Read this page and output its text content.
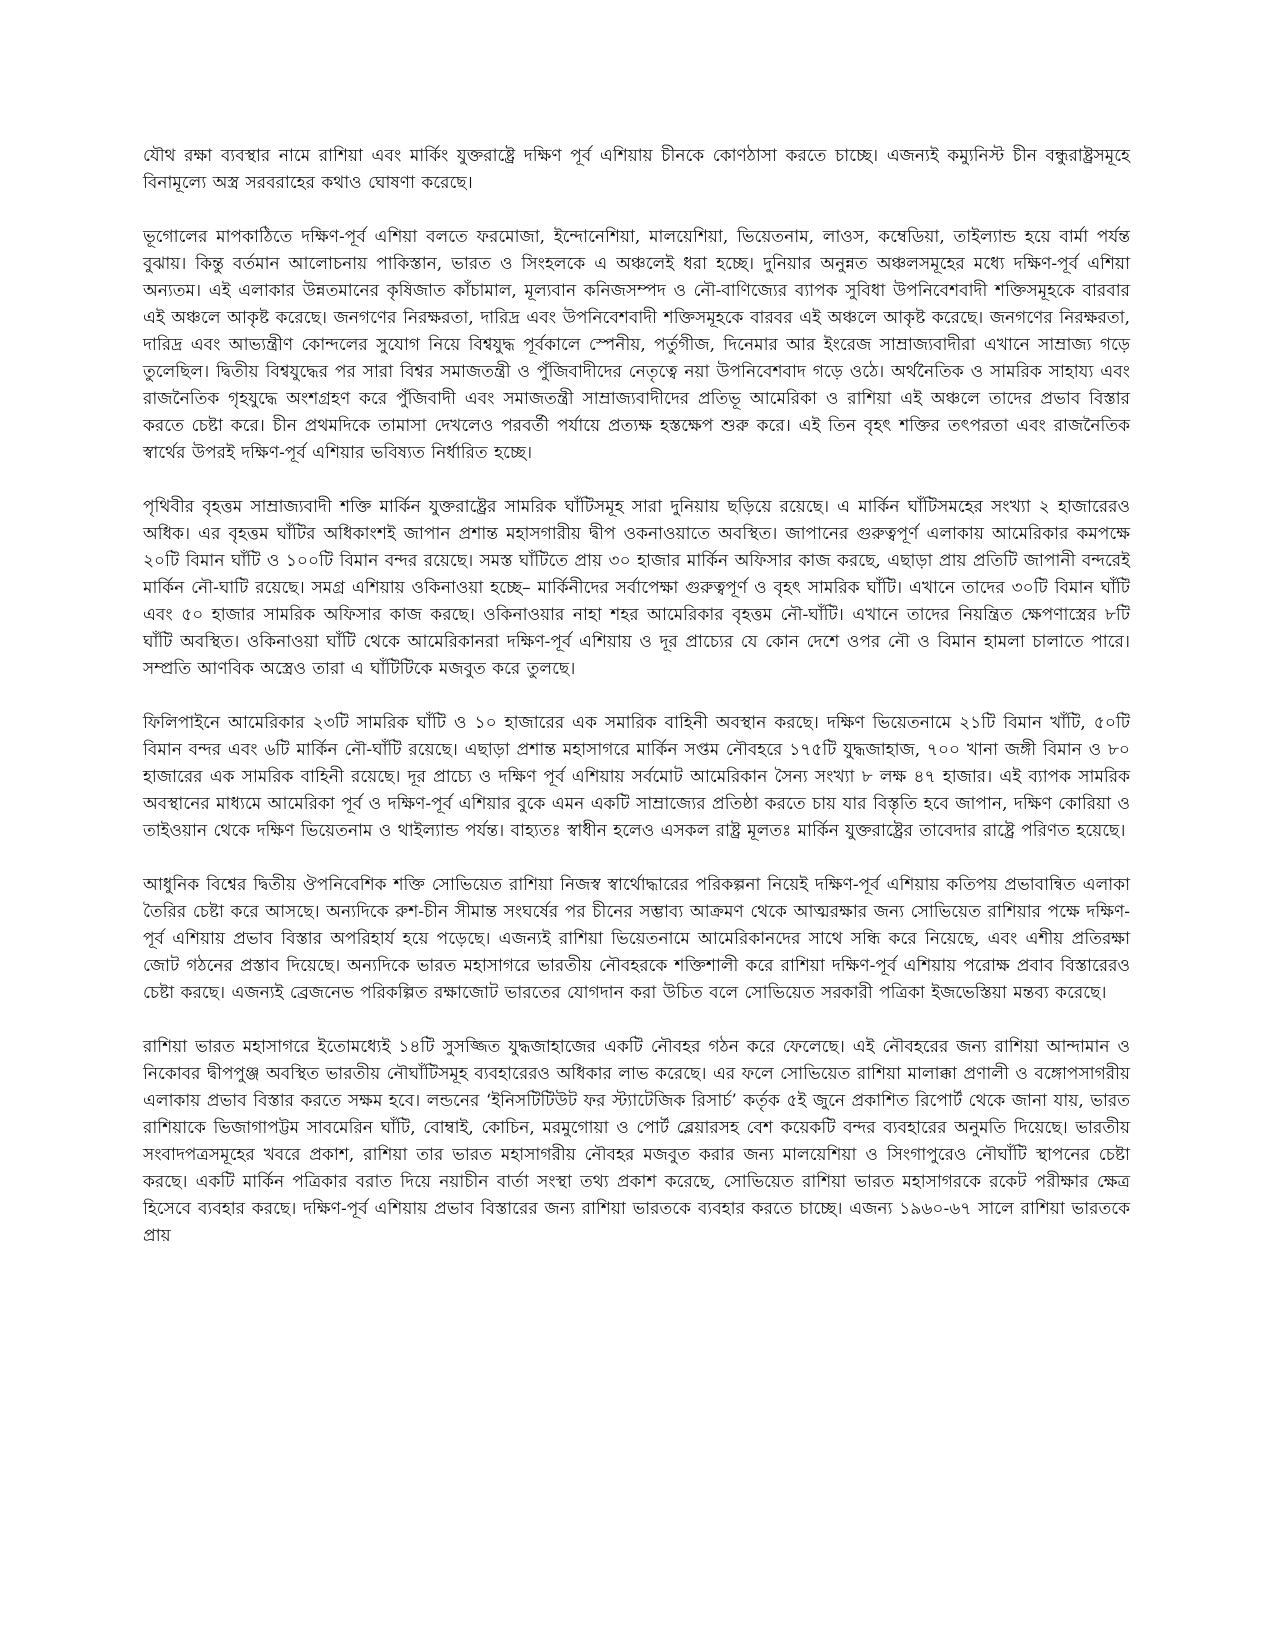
যৌথ রক্ষা ব্যবস্থার নামে রাশিয়া এবং মার্কিং যুক্তরাষ্ট্রে দক্ষিণ পূর্ব এশিয়ায় চীনকে কোণঠাসা করতে চাচ্ছে। এজন্যই কম্যুনিস্ট চীন বন্ধুরাষ্ট্রসমূহে বিনামূল্যে অস্ত্র সরবরাহের কথাও ঘোষণা করেছে।

ভূগোলের মাপকাঠিতে দক্ষিণ-পূর্ব এশিয়া বলতে ফরমোজা, ইন্দোনেশিয়া, মালয়েশিয়া, ভিয়েতনাম, লাওস, কম্বেডিয়া, তাইল্যান্ড হয়ে বার্মা পর্যন্ত বুঝায়। কিন্তু বর্তমান আলোচনায় পাকিস্তান, ভারত ও সিংহলকে এ অঞ্চলেই ধরা হচ্ছে। দুনিয়ার অনুন্নত অঞ্চলসমূহের মধ্যে দক্ষিণ-পূর্ব এশিয়া অন্যতম। এই এলাকার উন্নতমানের কৃষিজাত কাঁচামাল, মূল্যবান কনিজসম্পদ ও নৌ-বাণিজ্যের ব্যাপক সুবিধা উপনিবেশবাদী শক্তিসমূহকে বারবার এই অঞ্চলে আকৃষ্ট করেছে। জনগণের নিরক্ষরতা, দারিদ্র এবং উপনিবেশবাদী শক্তিসমূহকে বারবর এই অঞ্চলে আকৃষ্ট করেছে। জনগণের নিরক্ষরতা, দারিদ্র এবং আভ্যন্ত্রীণ কোন্দলের সুযোগ নিয়ে বিশ্বযুদ্ধ পূর্বকালে স্পেনীয়, পর্তুগীজ, দিনেমার আর ইংরেজ সাম্রাজ্যবাদীরা এখানে সাম্রাজ্য গড়ে তুলেছিল। দ্বিতীয় বিশ্বযুদ্ধের পর সারা বিশ্বর সমাজতন্ত্রী ও পুঁজিবাদীদের নেতৃত্বে নয়া উপনিবেশবাদ গড়ে ওঠে। অর্থনৈতিক ও সামরিক সাহায্য এবং রাজনৈতিক গৃহযুদ্ধে অংশগ্রহণ করে পুঁজিবাদী এবং সমাজতন্ত্রী সাম্রাজ্যবাদীদের প্রতিভূ আমেরিকা ও রাশিয়া এই অঞ্চলে তাদের প্রভাব বিস্তার করতে চেষ্টা করে। চীন প্রথমদিকে তামাসা দেখলেও পরবর্তী পর্যায়ে প্রত্যক্ষ হস্তক্ষেপ শুরু করে। এই তিন বৃহৎ শক্তির তৎপরতা এবং রাজনৈতিক স্বার্থের উপরই দক্ষিণ-পূর্ব এশিয়ার ভবিষ্যত নির্ধারিত হচ্ছে।

পৃথিবীর বৃহত্তম সাম্রাজ্যবাদী শক্তি মার্কিন যুক্তরাষ্ট্রের সামরিক ঘাঁটিসমূহ সারা দুনিয়ায় ছড়িয়ে রয়েছে। এ মার্কিন ঘাঁটিসমহের সংখ্যা ২ হাজারেরও অধিক। এর বৃহত্তম ঘাঁটির অধিকাংশই জাপান প্রশান্ত মহাসগারীয় দ্বীপ ওকনাওয়াতে অবস্থিত। জাপানের গুরুত্বপূর্ণ এলাকায় আমেরিকার কমপক্ষে ২০টি বিমান ঘাঁটি ও ১০০টি বিমান বন্দর রয়েছে। সমস্ত ঘাঁটিতে প্রায় ৩০ হাজার মার্কিন অফিসার কাজ করছে, এছাড়া প্রায় প্রতিটি জাপানী বন্দরেই মার্কিন নৌ-ঘাটি রয়েছে। সমগ্র এশিয়ায় ওকিনাওয়া হচ্ছে– মার্কিনীদের সর্বাপেক্ষা গুরুত্বপূর্ণ ও বৃহৎ সামরিক ঘাঁটি। এখানে তাদের ৩০টি বিমান ঘাঁটি এবং ৫০ হাজার সামরিক অফিসার কাজ করছে। ওকিনাওয়ার নাহা শহর আমেরিকার বৃহত্তম নৌ-ঘাঁটি। এখানে তাদের নিয়ন্ত্রিত ক্ষেপণাস্ত্রের ৮টি ঘাঁটি অবস্থিত। ওকিনাওয়া ঘাঁটি থেকে আমেরিকানরা দক্ষিণ-পূর্ব এশিয়ায় ও দূর প্রাচ্যের যে কোন দেশে ওপর নৌ ও বিমান হামলা চালাতে পারে। সম্প্রতি আণবিক অস্ত্রেও তারা এ ঘাঁটিটিকে মজবুত করে তুলছে।

ফিলিপাইনে আমেরিকার ২৩টি সামরিক ঘাঁটি ও ১০ হাজারের এক সমারিক বাহিনী অবস্থান করছে। দক্ষিণ ভিয়েতনামে ২১টি বিমান খাঁটি, ৫০টি বিমান বন্দর এবং ৬টি মার্কিন নৌ-ঘাঁটি রয়েছে। এছাড়া প্রশান্ত মহাসাগরে মার্কিন সপ্তম নৌবহরে ১৭৫টি যুদ্ধজাহাজ, ৭০০ খানা জঙ্গী বিমান ও ৮০ হাজারের এক সামরিক বাহিনী রয়েছে। দূর প্রাচ্যে ও দক্ষিণ পূর্ব এশিয়ায় সর্বমোট আমেরিকান সৈন্য সংখ্যা ৮ লক্ষ ৪৭ হাজার। এই ব্যাপক সামরিক অবস্থানের মাধ্যমে আমেরিকা পূর্ব ও দক্ষিণ-পূর্ব এশিয়ার বুকে এমন একটি সাম্রাজ্যের প্রতিষ্ঠা করতে চায় যার বিস্তৃতি হবে জাপান, দক্ষিণ কোরিয়া ও তাইওয়ান থেকে দক্ষিণ ভিয়েতনাম ও থাইল্যান্ড পর্যন্ত। বাহ্যতঃ স্বাধীন হলেও এসকল রাষ্ট্র মূলতঃ মার্কিন যুক্তরাষ্ট্রের তাবেদার রাষ্ট্রে পরিণত হয়েছে।

আধুনিক বিশ্বের দ্বিতীয় ঔপনিবেশিক শক্তি সোভিয়েত রাশিয়া নিজস্ব স্বার্থোদ্ধারের পরিকল্পনা নিয়েই দক্ষিণ-পূর্ব এশিয়ায় কতিপয় প্রভাবান্বিত এলাকা তৈরির চেষ্টা করে আসছে। অন্যদিকে রুশ-চীন সীমান্ত সংঘর্ষের পর চীনের সম্ভাব্য আক্রমণ থেকে আত্মরক্ষার জন্য সোভিয়েত রাশিয়ার পক্ষে দক্ষিণ-পূর্ব এশিয়ায় প্রভাব বিস্তার অপরিহার্য হয়ে পড়েছে। এজন্যই রাশিয়া ভিয়েতনামে আমেরিকানদের সাথে সন্ধি করে নিয়েছে, এবং এশীয় প্রতিরক্ষা জোট গঠনের প্রস্তাব দিয়েছে। অন্যদিকে ভারত মহাসাগরে ভারতীয় নৌবহরকে শক্তিশালী করে রাশিয়া দক্ষিণ-পূর্ব এশিয়ায় পরোক্ষ প্রবাব বিস্তারেরও চেষ্টা করছে। এজন্যই ব্রেজনেভ পরিকল্পিত রক্ষাজোট ভারতের যোগদান করা উচিত বলে সোভিয়েত সরকারী পত্রিকা ইজভেস্তিয়া মন্তব্য করেছে।

রাশিয়া ভারত মহাসাগরে ইতোমধ্যেই ১৪টি সুসজ্জিত যুদ্ধজাহাজের একটি নৌবহর গঠন করে ফেলেছে। এই নৌবহরের জন্য রাশিয়া আন্দামান ও নিকোবর দ্বীপপুঞ্জ অবস্থিত ভারতীয় নৌঘাঁটিসমূহ ব্যবহারেরও অধিকার লাভ করেছে। এর ফলে সোভিয়েত রাশিয়া মালাক্কা প্রণালী ও বঙ্গোপসাগরীয় এলাকায় প্রভাব বিস্তার করতে সক্ষম হবে। লন্ডনের ‘ইনিসটিটিউট ফর স্ট্যাটেজিক রিসার্চ’ কর্তৃক ৫ই জুনে প্রকাশিত রিপোর্ট থেকে জানা যায়, ভারত রাশিয়াকে ভিজাগাপট্টম সাবমেরিন ঘাঁটি, বোম্বাই, কোচিন, মরমুগোয়া ও পোর্ট ব্লেয়ারসহ বেশ কয়েকটি বন্দর ব্যবহারের অনুমতি দিয়েছে। ভারতীয় সংবাদপত্রসমূহের খবরে প্রকাশ, রাশিয়া তার ভারত মহাসাগরীয় নৌবহর মজবুত করার জন্য মালয়েশিয়া ও সিংগাপুরেও নৌঘাঁটি স্থাপনের চেষ্টা করছে। একটি মার্কিন পত্রিকার বরাত দিয়ে নয়াচীন বার্তা সংস্থা তথ্য প্রকাশ করেছে, সোভিয়েত রাশিয়া ভারত মহাসাগরকে রকেট পরীক্ষার ক্ষেত্র হিসেবে ব্যবহার করছে। দক্ষিণ-পূর্ব এশিয়ায় প্রভাব বিস্তারের জন্য রাশিয়া ভারতকে ব্যবহার করতে চাচ্ছে। এজন্য ১৯৬০-৬৭ সালে রাশিয়া ভারতকে প্রায়
